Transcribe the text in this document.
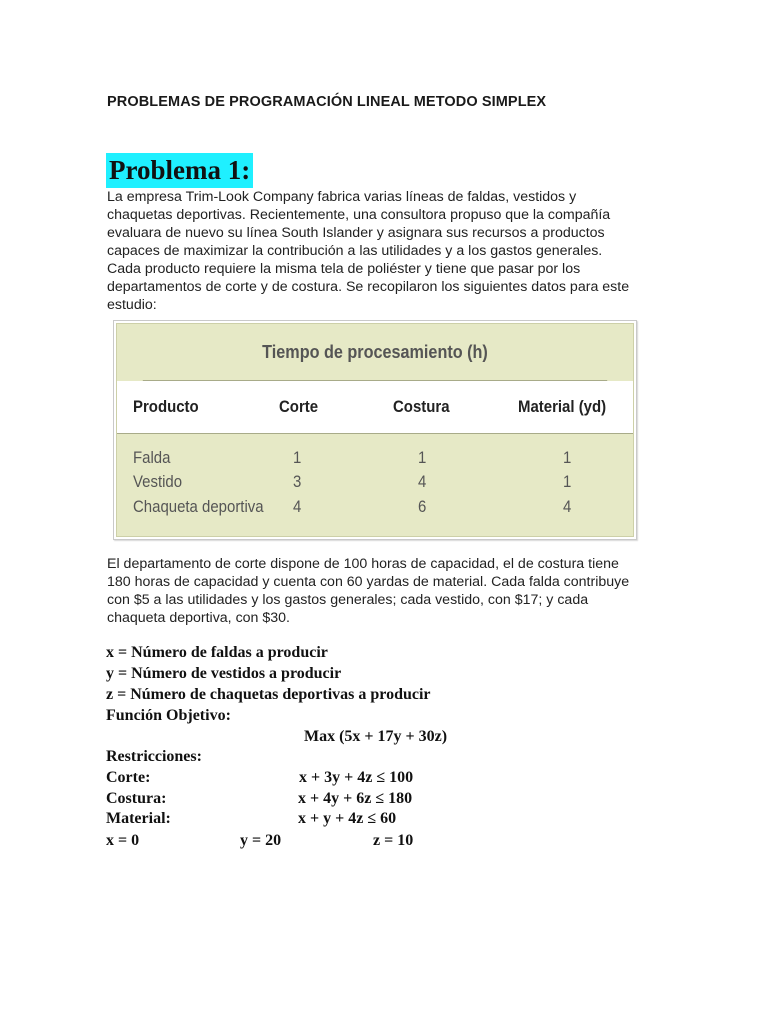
PROBLEMAS DE PROGRAMACIÓN LINEAL METODO SIMPLEX
Problema 1:
La empresa Trim-Look Company fabrica varias líneas de faldas, vestidos y
chaquetas deportivas. Recientemente, una consultora propuso que la compañía
evaluara de nuevo su línea South Islander y asignara sus recursos a productos
capaces de maximizar la contribución a las utilidades y a los gastos generales.
Cada producto requiere la misma tela de poliéster y tiene que pasar por los
departamentos de corte y de costura. Se recopilaron los siguientes datos para este
estudio:
Tiempo de procesamiento (h)
Producto	Corte	Costura	Material (yd)
Falda	1	1	1
Vestido	3	4	1
Chaqueta deportiva 4	6	4
El departamento de corte dispone de 100 horas de capacidad, el de costura tiene
180 horas de capacidad y cuenta con 60 yardas de material. Cada falda contribuye
con $5 a las utilidades y los gastos generales; cada vestido, con $17; y cada
chaqueta deportiva, con $30.
x = Número de faldas a producir
y = Número de vestidos a producir
z = Número de chaquetas deportivas a producir
Función Objetivo:
Max (5x + 17y + 30z)
Restricciones:
Corte:	x + 3y + 4z ≤ 100
Costura:	x + 4y + 6z ≤ 180
Material:	x + y + 4z ≤ 60
x = 0	y = 20	z = 10
